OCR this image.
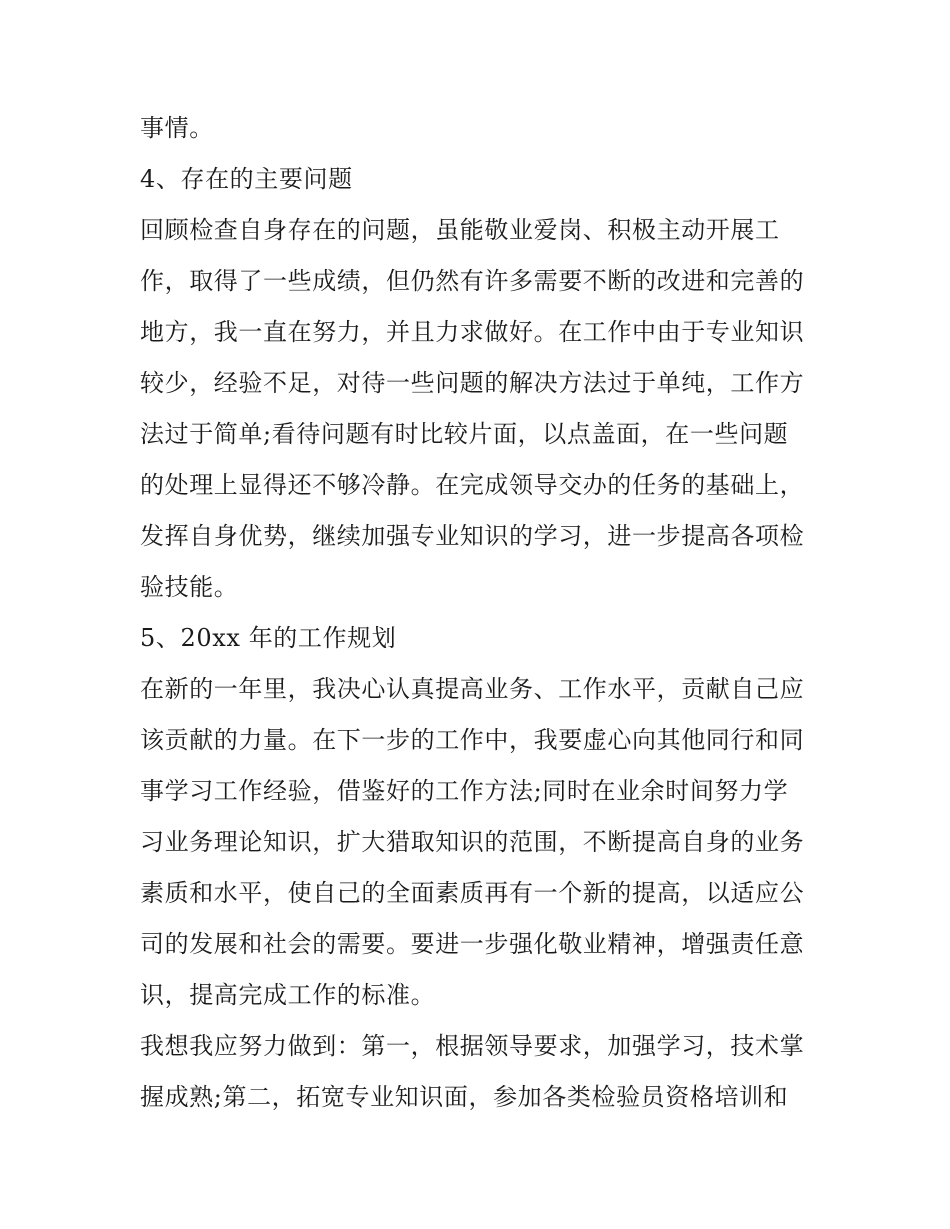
事情。
4、存在的主要问题
回顾检查自身存在的问题，虽能敬业爱岗、积极主动开展工
作，取得了一些成绩，但仍然有许多需要不断的改进和完善的
地方，我一直在努力，并且力求做好。在工作中由于专业知识
较少，经验不足，对待一些问题的解决方法过于单纯，工作方
法过于简单;看待问题有时比较片面，以点盖面，在一些问题
的处理上显得还不够冷静。在完成领导交办的任务的基础上，
发挥自身优势，继续加强专业知识的学习，进一步提高各项检
验技能。
5、20xx 年的工作规划
在新的一年里，我决心认真提高业务、工作水平，贡献自己应
该贡献的力量。在下一步的工作中，我要虚心向其他同行和同
事学习工作经验，借鉴好的工作方法;同时在业余时间努力学
习业务理论知识，扩大猎取知识的范围，不断提高自身的业务
素质和水平，使自己的全面素质再有一个新的提高，以适应公
司的发展和社会的需要。要进一步强化敬业精神，增强责任意
识，提高完成工作的标准。
我想我应努力做到：第一，根据领导要求，加强学习，技术掌
握成熟;第二，拓宽专业知识面，参加各类检验员资格培训和
